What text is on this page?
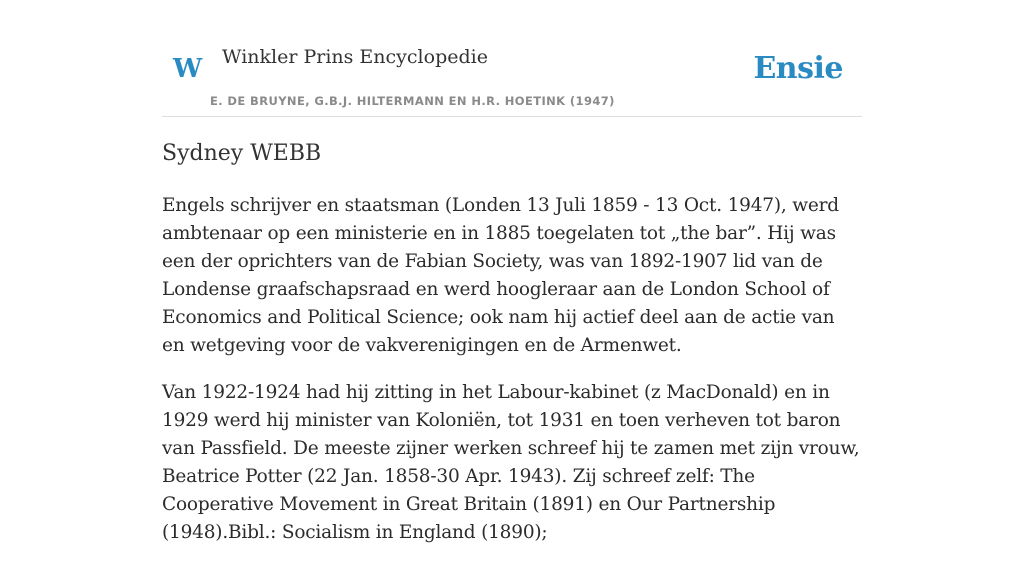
W Winkler Prins Encyclopedie
E. DE BRUYNE, G.B.J. HILTERMANN EN H.R. HOETINK (1947)
Ensie
Sydney WEBB

Engels schrijver en staatsman (Londen 13 Juli 1859 - 13 Oct. 1947), werd ambtenaar op een ministerie en in 1885 toegelaten tot „the bar”. Hij was een der oprichters van de Fabian Society, was van 1892-1907 lid van de Londense graafschapsraad en werd hoogleraar aan de London School of Economics and Political Science; ook nam hij actief deel aan de actie van en wetgeving voor de vakverenigingen en de Armenwet.

Van 1922-1924 had hij zitting in het Labour-kabinet (z MacDonald) en in 1929 werd hij minister van Koloniën, tot 1931 en toen verheven tot baron van Passfield. De meeste zijner werken schreef hij te zamen met zijn vrouw, Beatrice Potter (22 Jan. 1858-30 Apr. 1943). Zij schreef zelf: The Cooperative Movement in Great Britain (1891) en Our Partnership (1948).Bibl.: Socialism in England (1890);
